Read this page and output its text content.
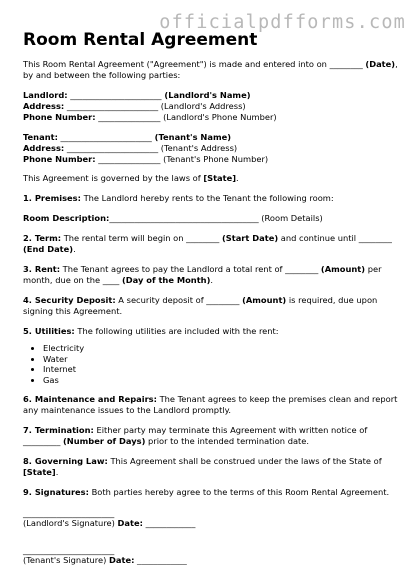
officialpdfforms.com
Room Rental Agreement

This Room Rental Agreement ("Agreement") is made and entered into on ________ (Date), by and between the following parties:

Landlord: ______________________ (Landlord's Name)

Address: ______________________ (Landlord's Address)

Phone Number: _______________ (Landlord's Phone Number)

Tenant: ______________________ (Tenant's Name)

Address: ______________________ (Tenant's Address)

Phone Number: _______________ (Tenant's Phone Number)

This Agreement is governed by the laws of [State].

1. Premises: The Landlord hereby rents to the Tenant the following room:

Room Description:____________________________________ (Room Details)

2. Term: The rental term will begin on ________ (Start Date) and continue until ________ (End Date).

3. Rent: The Tenant agrees to pay the Landlord a total rent of ________ (Amount) per month, due on the ____ (Day of the Month).

4. Security Deposit: A security deposit of ________ (Amount) is required, due upon signing this Agreement.

5. Utilities: The following utilities are included with the rent:

• Electricity
• Water
• Internet
• Gas

6. Maintenance and Repairs: The Tenant agrees to keep the premises clean and report any maintenance issues to the Landlord promptly.

7. Termination: Either party may terminate this Agreement with written notice of _________ (Number of Days) prior to the intended termination date.

8. Governing Law: This Agreement shall be construed under the laws of the State of [State].

9. Signatures: Both parties hereby agree to the terms of this Room Rental Agreement.

______________________
(Landlord's Signature) Date: ____________
______________________
(Tenant's Signature) Date: ____________
